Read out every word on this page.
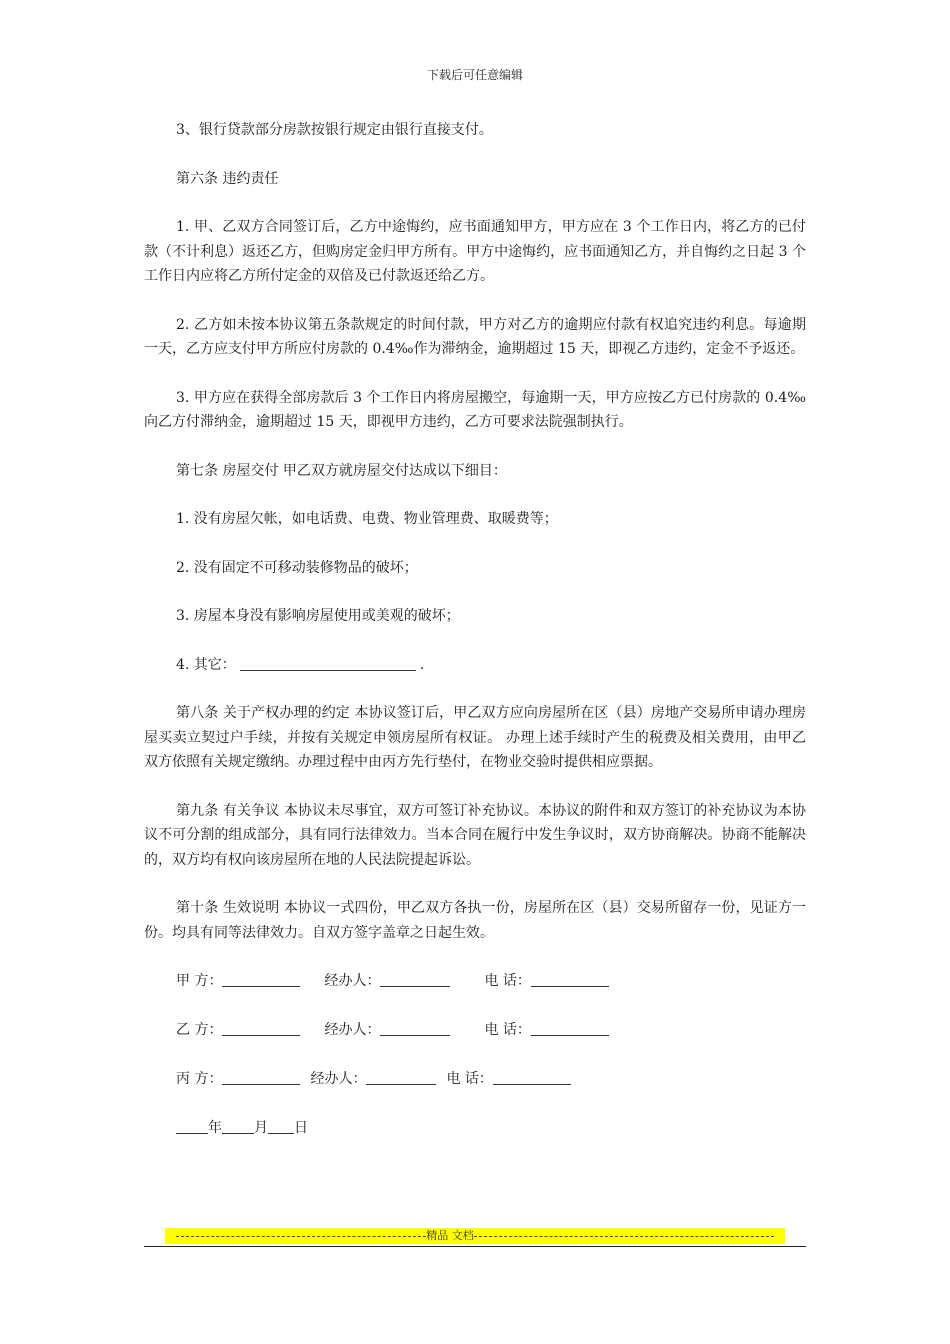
下载后可任意编辑

3、银行贷款部分房款按银行规定由银行直接支付。

第六条 违约责任

1. 甲、乙双方合同签订后，乙方中途悔约，应书面通知甲方，甲方应在 3 个工作日内，将乙方的已付款（不计利息）返还乙方，但购房定金归甲方所有。甲方中途悔约，应书面通知乙方，并自悔约之日起 3 个工作日内应将乙方所付定金的双倍及已付款返还给乙方。

2. 乙方如未按本协议第五条款规定的时间付款，甲方对乙方的逾期应付款有权追究违约利息。每逾期一天，乙方应支付甲方所应付房款的 0.4‰作为滞纳金，逾期超过 15 天，即视乙方违约，定金不予返还。

3. 甲方应在获得全部房款后 3 个工作日内将房屋搬空，每逾期一天，甲方应按乙方已付房款的 0.4‰向乙方付滞纳金，逾期超过 15 天，即视甲方违约，乙方可要求法院强制执行。

第七条 房屋交付 甲乙双方就房屋交付达成以下细目：

1. 没有房屋欠帐，如电话费、电费、物业管理费、取暖费等；

2. 没有固定不可移动装修物品的破坏；

3. 房屋本身没有影响房屋使用或美观的破坏；

4. 其它：	.

第八条 关于产权办理的约定 本协议签订后，甲乙双方应向房屋所在区（县）房地产交易所申请办理房屋买卖立契过户手续，并按有关规定申领房屋所有权证。 办理上述手续时产生的税费及相关费用，由甲乙双方依照有关规定缴纳。办理过程中由丙方先行垫付，在物业交验时提供相应票据。

第九条 有关争议 本协议未尽事宜，双方可签订补充协议。本协议的附件和双方签订的补充协议为本协议不可分割的组成部分，具有同行法律效力。当本合同在履行中发生争议时，双方协商解决。协商不能解决的，双方均有权向该房屋所在地的人民法院提起诉讼。

第十条 生效说明 本协议一式四份，甲乙双方各执一份，房屋所在区（县）交易所留存一份，见证方一份。均具有同等法律效力。自双方签字盖章之日起生效。

甲 方：	经办人：	电 话：
乙 方：	经办人：	电 话：
丙 方：	经办人：	电 话：
年 月 日
精品 文档
